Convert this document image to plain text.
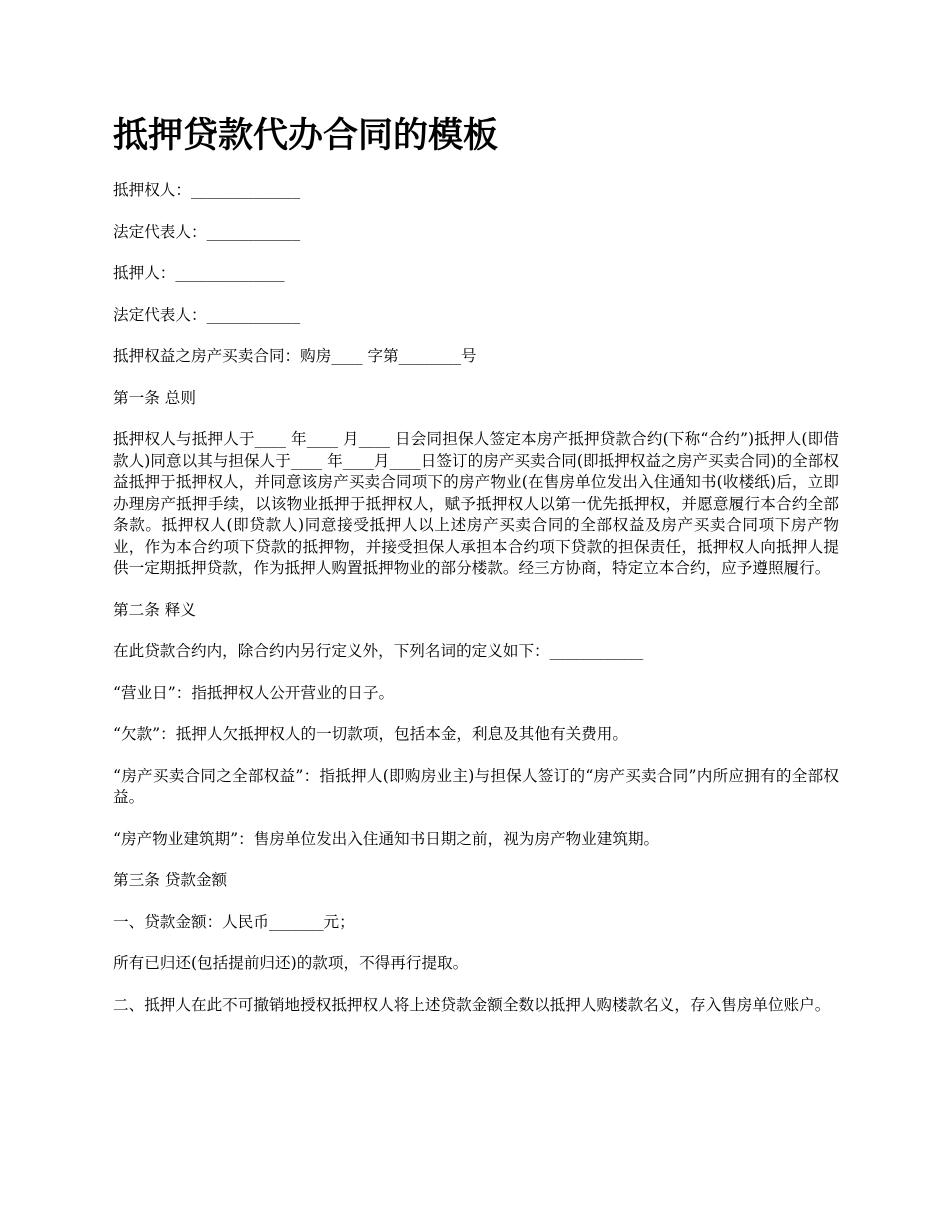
抵押贷款代办合同的模板

抵押权人：______________

法定代表人：____________

抵押人：______________

法定代表人：____________

抵押权益之房产买卖合同：购房____ 字第________号

第一条 总则

抵押权人与抵押人于____ 年____ 月____ 日会同担保人签定本房产抵押贷款合约(下称“合约”)抵押人(即借款人)同意以其与担保人于____ 年____月____日签订的房产买卖合同(即抵押权益之房产买卖合同)的全部权益抵押于抵押权人，并同意该房产买卖合同项下的房产物业(在售房单位发出入住通知书(收楼纸)后，立即办理房产抵押手续，以该物业抵押于抵押权人，赋予抵押权人以第一优先抵押权，并愿意履行本合约全部条款。抵押权人(即贷款人)同意接受抵押人以上述房产买卖合同的全部权益及房产买卖合同项下房产物业，作为本合约项下贷款的抵押物，并接受担保人承担本合约项下贷款的担保责任，抵押权人向抵押人提供一定期抵押贷款，作为抵押人购置抵押物业的部分楼款。经三方协商，特定立本合约，应予遵照履行。

第二条 释义

在此贷款合约内，除合约内另行定义外，下列名词的定义如下：____________

“营业日”：指抵押权人公开营业的日子。

“欠款”：抵押人欠抵押权人的一切款项，包括本金，利息及其他有关费用。

“房产买卖合同之全部权益”：指抵押人(即购房业主)与担保人签订的“房产买卖合同”内所应拥有的全部权益。

“房产物业建筑期”：售房单位发出入住通知书日期之前，视为房产物业建筑期。

第三条 贷款金额

一、贷款金额：人民币_______元；

所有已归还(包括提前归还)的款项，不得再行提取。

二、抵押人在此不可撤销地授权抵押权人将上述贷款金额全数以抵押人购楼款名义，存入售房单位账户。
